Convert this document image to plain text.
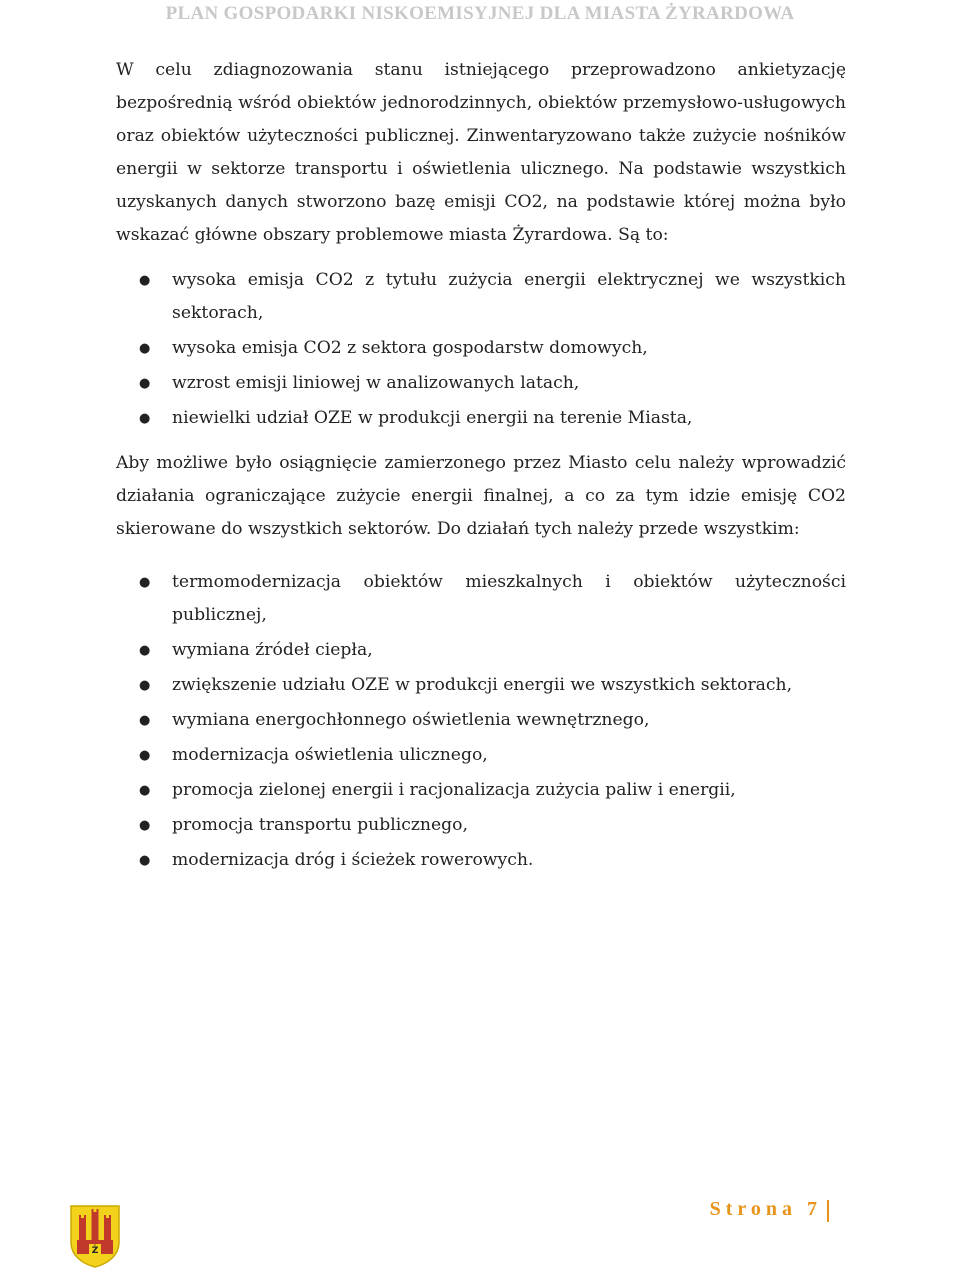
PLAN GOSPODARKI NISKOEMISYJNEJ DLA MIASTA ŻYRARDOWA

W celu zdiagnozowania stanu istniejącego przeprowadzono ankietyzację bezpośrednią wśród obiektów jednorodzinnych, obiektów przemysłowo-usługowych oraz obiektów użyteczności publicznej. Zinwentaryzowano także zużycie nośników energii w sektorze transportu i oświetlenia ulicznego. Na podstawie wszystkich uzyskanych danych stworzono bazę emisji CO2, na podstawie której można było wskazać główne obszary problemowe miasta Żyrardowa. Są to:

● wysoka emisja CO2 z tytułu zużycia energii elektrycznej we wszystkich sektorach,
● wysoka emisja CO2 z sektora gospodarstw domowych,
● wzrost emisji liniowej w analizowanych latach,
● niewielki udział OZE w produkcji energii na terenie Miasta,

Aby możliwe było osiągnięcie zamierzonego przez Miasto celu należy wprowadzić działania ograniczające zużycie energii finalnej, a co za tym idzie emisję CO2 skierowane do wszystkich sektorów. Do działań tych należy przede wszystkim:

● termomodernizacja obiektów mieszkalnych i obiektów użyteczności publicznej,
● wymiana źródeł ciepła,
● zwiększenie udziału OZE w produkcji energii we wszystkich sektorach,
● wymiana energochłonnego oświetlenia wewnętrznego,
● modernizacja oświetlenia ulicznego,
● promocja zielonej energii i racjonalizacja zużycia paliw i energii,
● promocja transportu publicznego,
● modernizacja dróg i ścieżek rowerowych.
Ż
Strona 7
